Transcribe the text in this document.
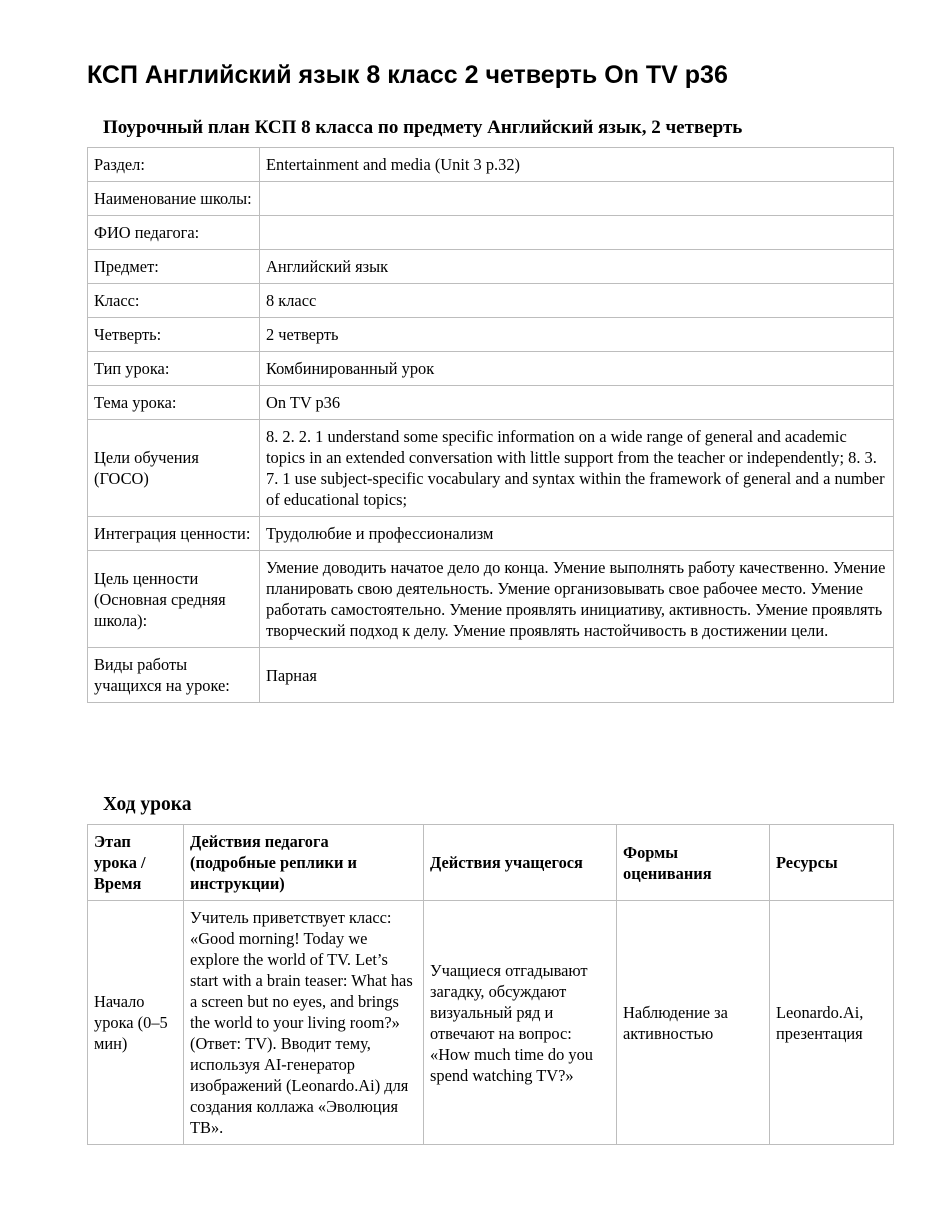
КСП Английский язык 8 класс 2 четверть On TV p36
Поурочный план КСП 8 класса по предмету Английский язык, 2 четверть
Раздел:	Entertainment and media (Unit 3 p.32)
Наименование школы:	
ФИО педагога:	
Предмет:	Английский язык
Класс:	8 класс
Четверть:	2 четверть
Тип урока:	Комбинированный урок
Тема урока:	On TV p36
Цели обучения (ГОСО)	8. 2. 2. 1 understand some specific information on a wide range of general and academic topics in an extended conversation with little support from the teacher or independently; 8. 3. 7. 1 use subject-specific vocabulary and syntax within the framework of general and a number of educational topics;
Интеграция ценности:	Трудолюбие и профессионализм
Цель ценности (Основная средняя школа):	Умение доводить начатое дело до конца. Умение выполнять работу качественно. Умение планировать свою деятельность. Умение организовывать свое рабочее место. Умение работать самостоятельно. Умение проявлять инициативу, активность. Умение проявлять творческий подход к делу. Умение проявлять настойчивость в достижении цели.
Виды работы учащихся на уроке:	Парная
Ход урока
Этап урока / Время	Действия педагога (подробные реплики и инструкции)	Действия учащегося	Формы оценивания	Ресурсы
Начало урока (0–5 мин)	Учитель приветствует класс: «Good morning! Today we explore the world of TV. Let’s start with a brain teaser: What has a screen but no eyes, and brings the world to your living room?» (Ответ: TV). Вводит тему, используя AI-генератор изображений (Leonardo.Ai) для создания коллажа «Эволюция ТВ».	Учащиеся отгадывают загадку, обсуждают визуальный ряд и отвечают на вопрос: «How much time do you spend watching TV?»	Наблюдение за активностью	Leonardo.Ai, презентация
